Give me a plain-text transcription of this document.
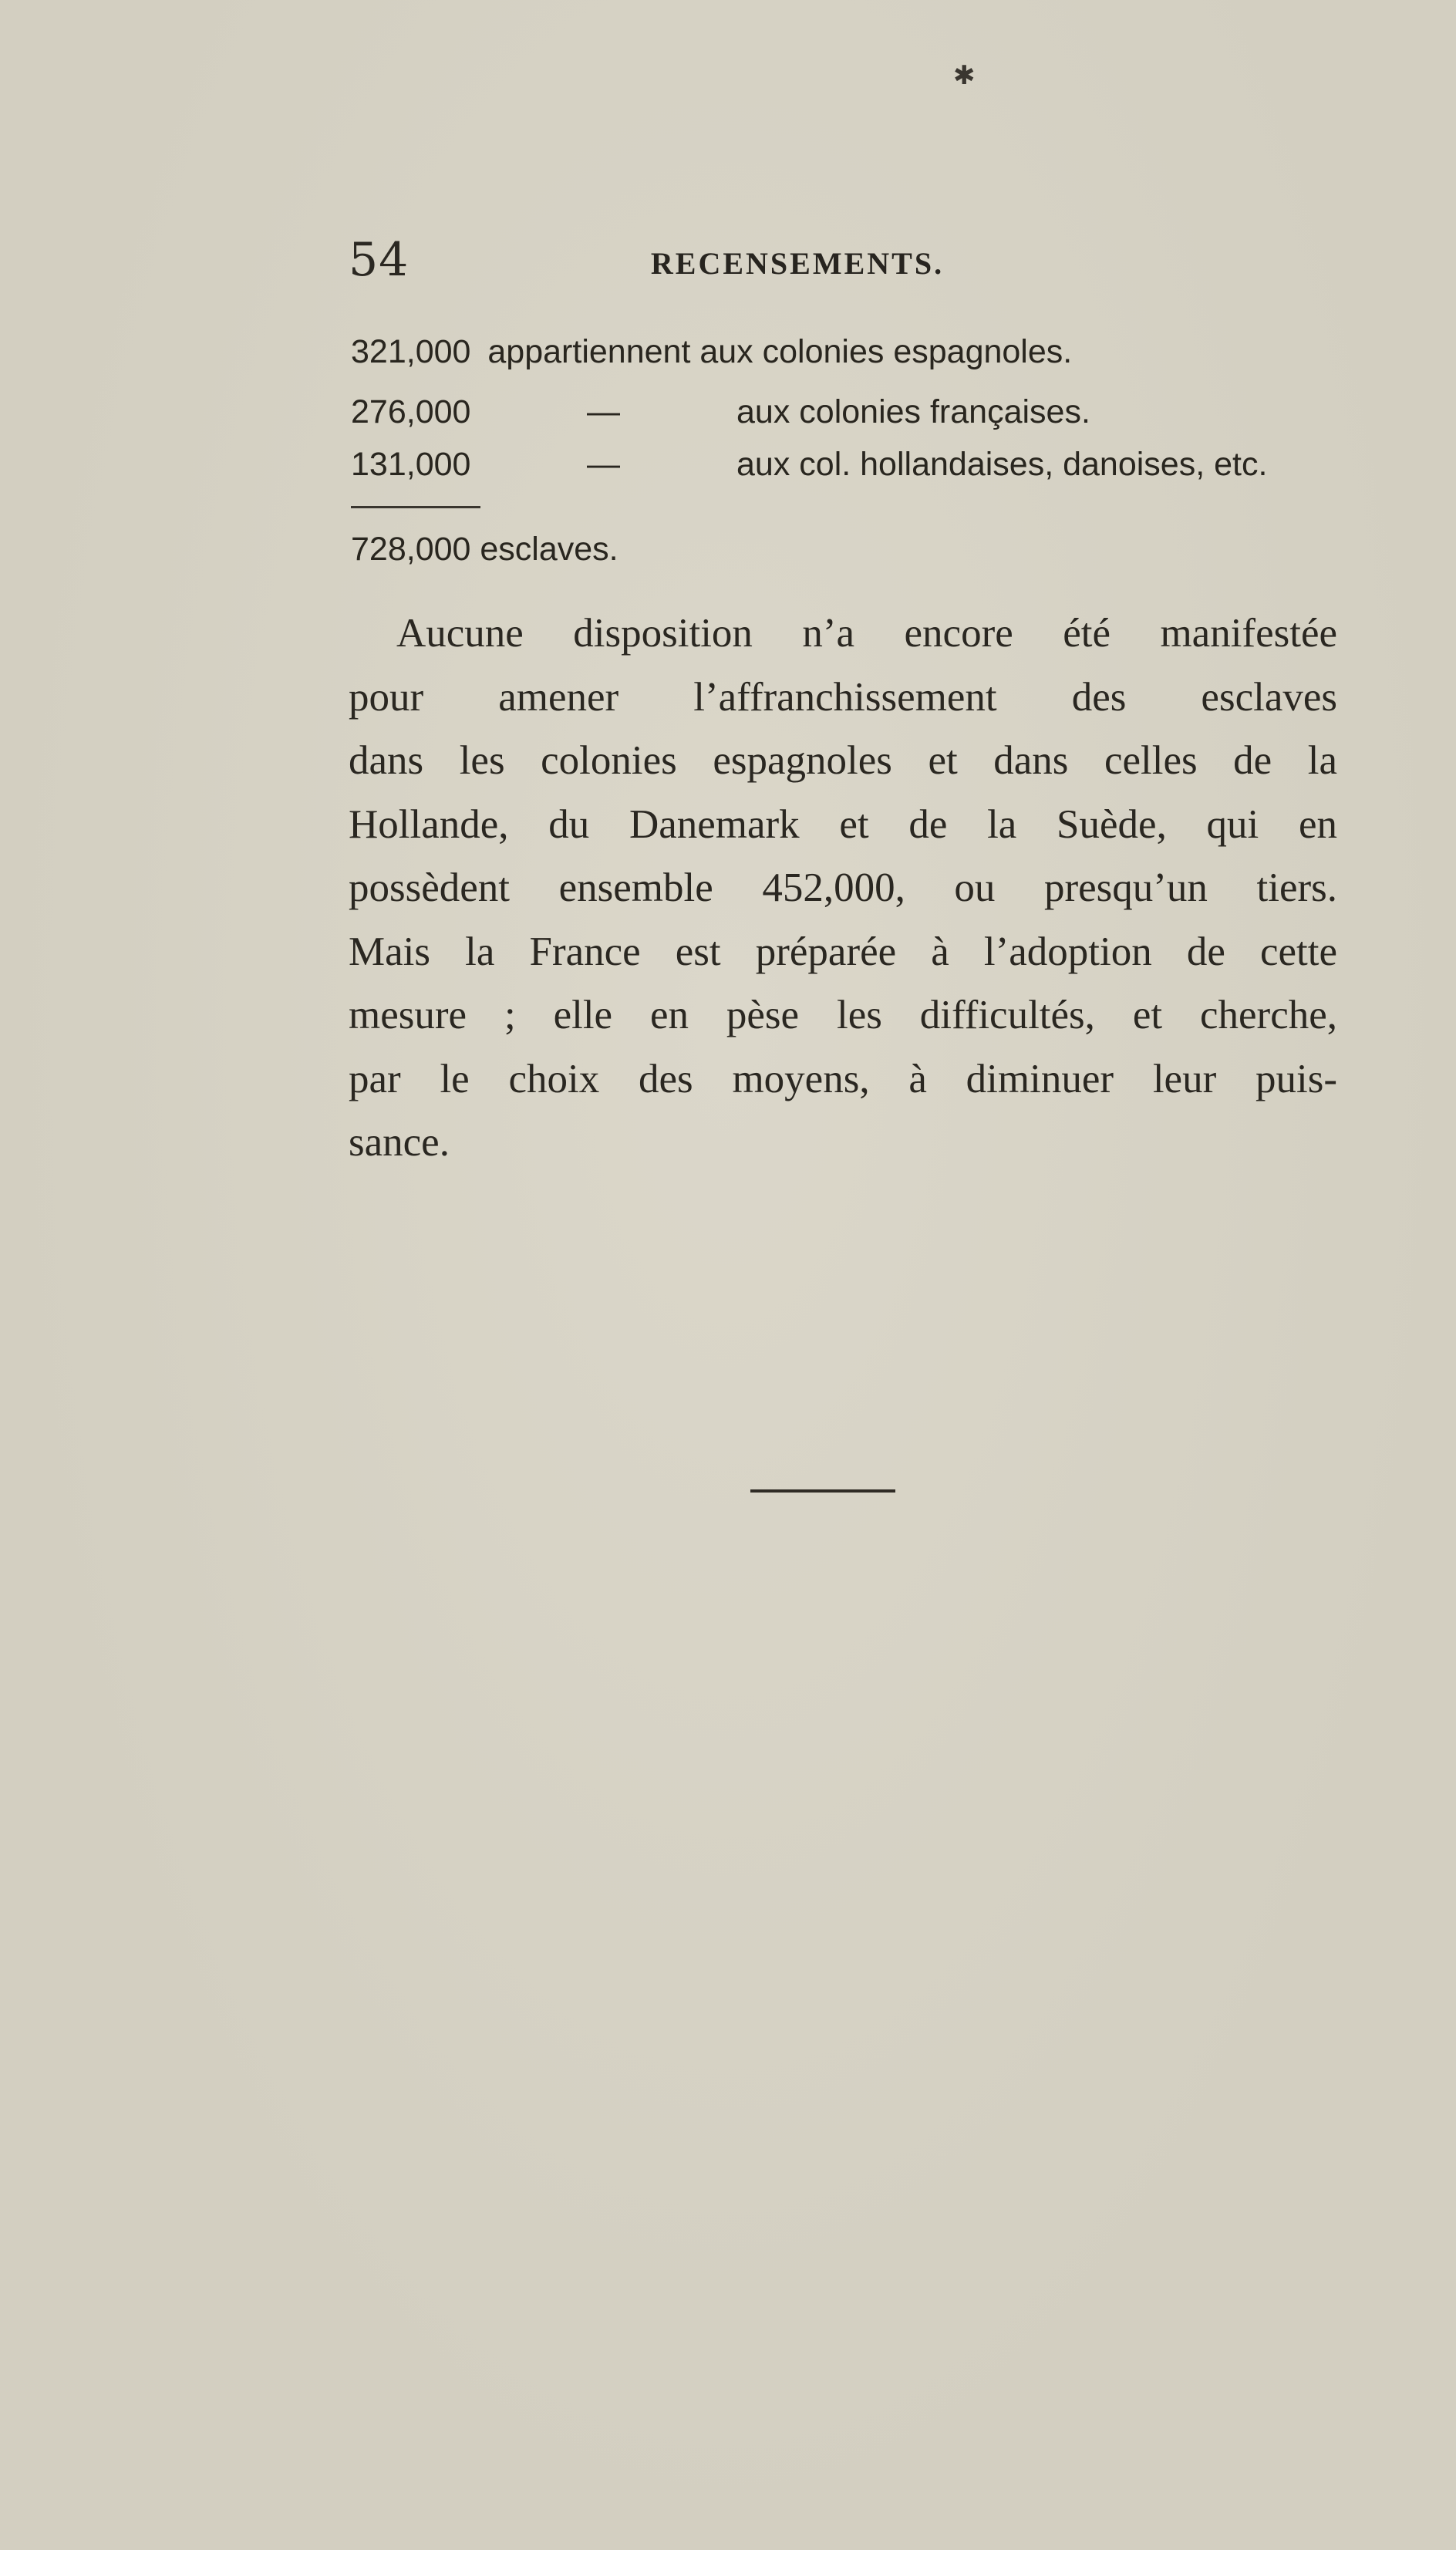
✱
54	RECENSEMENTS.
321,000 appartiennent aux colonies espagnoles.
276,000	—	aux colonies françaises.
131,000	—	aux col. hollandaises, danoises, etc.
728,000 esclaves.
Aucune disposition n’a encore été manifestée
pour amener l’affranchissement des esclaves
dans les colonies espagnoles et dans celles de la
Hollande, du Danemark et de la Suède, qui en
possèdent ensemble 452,000, ou presqu’un tiers.
Mais la France est préparée à l’adoption de cette
mesure ; elle en pèse les difficultés, et cherche,
par le choix des moyens, à diminuer leur puis-
sance.
